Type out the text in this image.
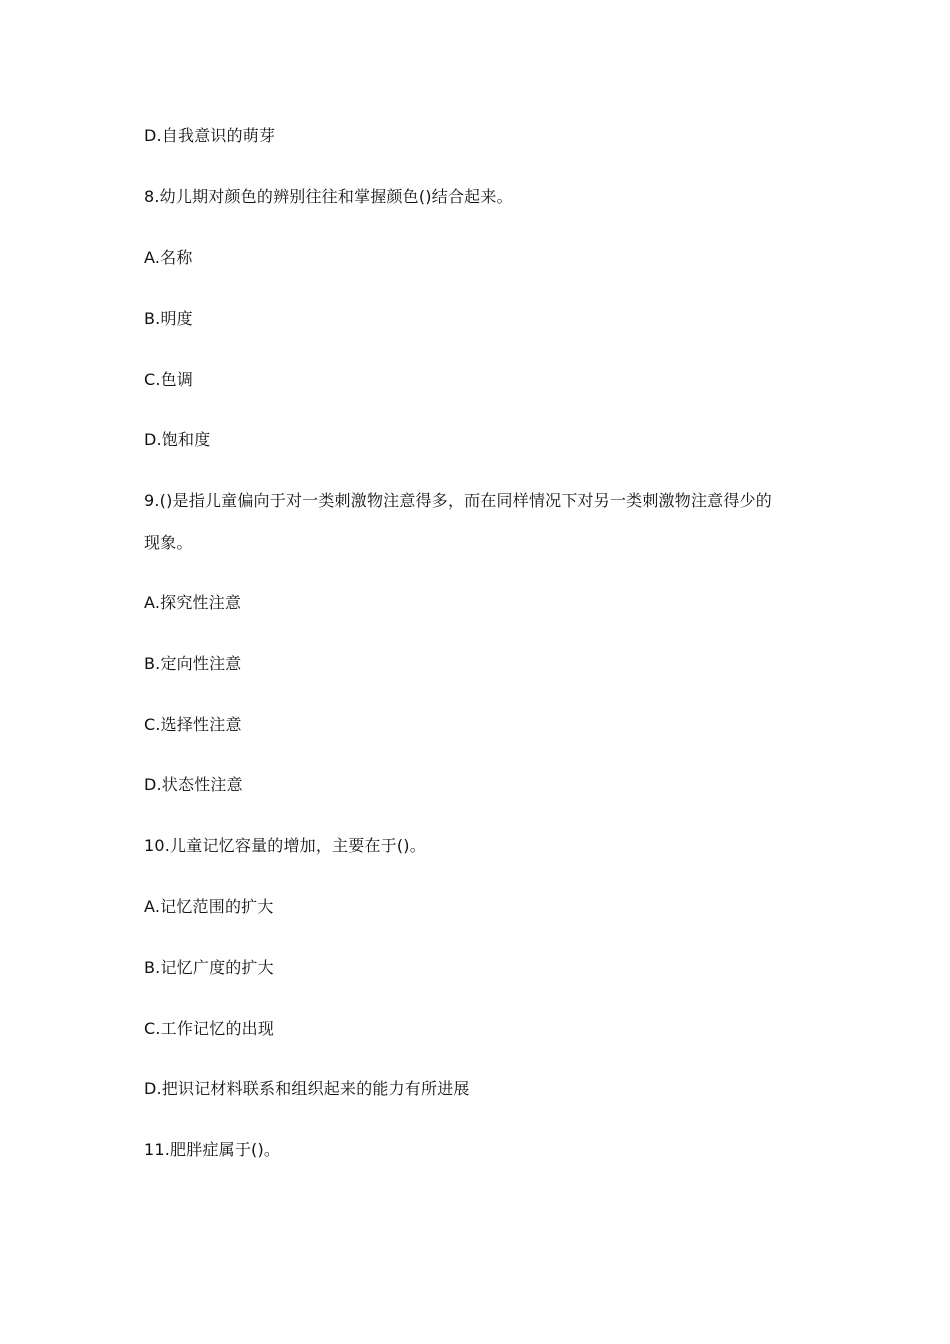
D.自我意识的萌芽
8.幼儿期对颜色的辨别往往和掌握颜色()结合起来。
A.名称
B.明度
C.色调
D.饱和度
9.()是指儿童偏向于对一类刺激物注意得多，而在同样情况下对另一类刺激物注意得少的
现象。
A.探究性注意
B.定向性注意
C.选择性注意
D.状态性注意
10.儿童记忆容量的增加，主要在于()。
A.记忆范围的扩大
B.记忆广度的扩大
C.工作记忆的出现
D.把识记材料联系和组织起来的能力有所进展
11.肥胖症属于()。
